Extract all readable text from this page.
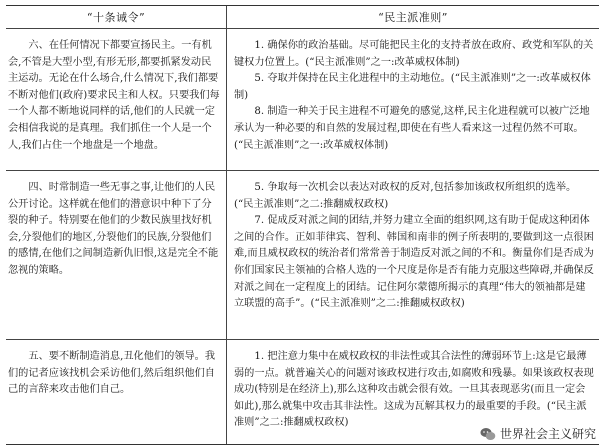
“十条诫令”	“民主派准则”

六、在任何情况下都要宣扬民主。一有机会,不管是大型小型,有形无形,都要抓紧发动民主运动。无论在什么场合,什么情况下,我们都要不断对他们(政府)要求民主和人权。只要我们每一个人都不断地说同样的话,他们的人民就一定会相信我说的是真理。我们抓住一个人是一个人,我们占住一个地盘是一个地盘。

1. 确保你的政治基础。尽可能把民主化的支持者放在政府、政党和军队的关键权力位置上。(“民主派准则”之一:改革威权体制)

5. 夺取并保持在民主化进程中的主动地位。(“民主派准则”之一:改革威权体制)

8. 制造一种关于民主进程不可避免的感觉,这样,民主化进程就可以被广泛地承认为一种必要的和自然的发展过程,即使在有些人看来这一过程仍然不可取。(“民主派准则”之一:改革威权体制)

四、时常制造一些无事之事,让他们的人民公开讨论。这样就在他们的潜意识中种下了分裂的种子。特别要在他们的少数民族里找好机会,分裂他们的地区,分裂他们的民族,分裂他们的感情,在他们之间制造新仇旧恨,这是完全不能忽视的策略。

5. 争取每一次机会以表达对政权的反对,包括参加该政权所组织的选举。(“民主派准则”之二:推翻威权政权)

7. 促成反对派之间的团结,并努力建立全面的组织网,这有助于促成这种团体之间的合作。正如菲律宾、智利、韩国和南非的例子所表明的,要做到这一点很困难,而且威权政权的统治者们常常善于制造反对派之间的不和。衡量你们是否成为你们国家民主领袖的合格人选的一个尺度是你是否有能力克服这些障碍,并确保反对派之间在一定程度上的团结。记住阿尔蒙德所揭示的真理“伟大的领袖都是建立联盟的高手”。(“民主派准则”之二:推翻威权政权)

五、要不断制造消息,丑化他们的领导。我们的记者应该找机会采访他们,然后组织他们自己的言辞来攻击他们自己。

1. 把注意力集中在威权政权的非法性或其合法性的薄弱环节上:这是它最薄弱的一点。就普遍关心的问题对该政权进行攻击,如腐败和残暴。如果该政权表现成功(特别是在经济上),那么这种攻击就会很有效。一旦其表现恶劣(而且一定会如此),那么就集中攻击其非法性。这成为瓦解其权力的最重要的手段。(“民主派准则”之二:推翻威权政权)

世界社会主义研究
